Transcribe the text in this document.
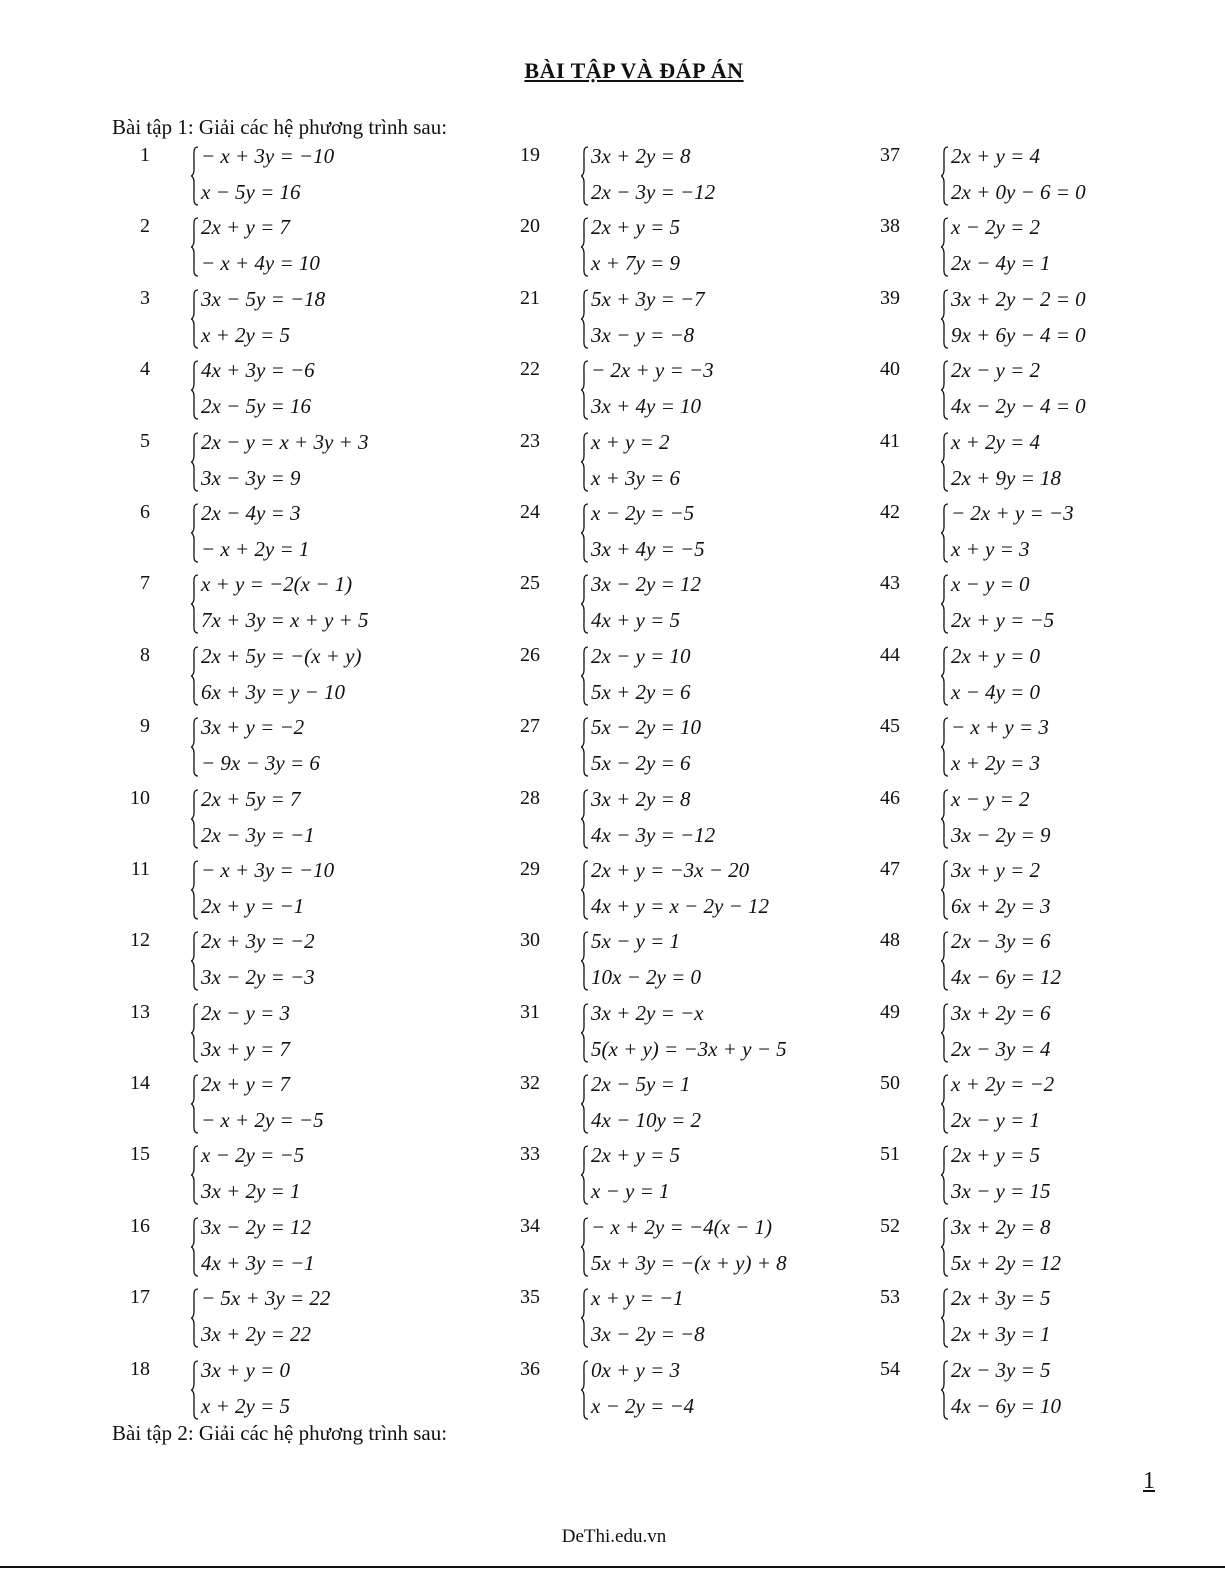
BÀI TẬP VÀ ĐÁP ÁN
Bài tập 1: Giải các hệ phương trình sau:
1 − x + 3y = −10
x − 5y = 16
2 2x + y = 7
− x + 4y = 10
3 3x − 5y = −18
x + 2y = 5
4 4x + 3y = −6
2x − 5y = 16
5 2x − y = x + 3y + 3
3x − 3y = 9
6 2x − 4y = 3
− x + 2y = 1
7 x + y = −2(x − 1)
7x + 3y = x + y + 5
8 2x + 5y = −(x + y)
6x + 3y = y − 10
9 3x + y = −2
− 9x − 3y = 6
10 2x + 5y = 7
2x − 3y = −1
11 − x + 3y = −10
2x + y = −1
12 2x + 3y = −2
3x − 2y = −3
13 2x − y = 3
3x + y = 7
14 2x + y = 7
− x + 2y = −5
15 x − 2y = −5
3x + 2y = 1
16 3x − 2y = 12
4x + 3y = −1
17 − 5x + 3y = 22
3x + 2y = 22
18 3x + y = 0
x + 2y = 5
19 3x + 2y = 8
2x − 3y = −12
20 2x + y = 5
x + 7y = 9
21 5x + 3y = −7
3x − y = −8
22 − 2x + y = −3
3x + 4y = 10
23 x + y = 2
x + 3y = 6
24 x − 2y = −5
3x + 4y = −5
25 3x − 2y = 12
4x + y = 5
26 2x − y = 10
5x + 2y = 6
27 5x − 2y = 10
5x − 2y = 6
28 3x + 2y = 8
4x − 3y = −12
29 2x + y = −3x − 20
4x + y = x − 2y − 12
30 5x − y = 1
10x − 2y = 0
31 3x + 2y = −x
5(x + y) = −3x + y − 5
32 2x − 5y = 1
4x − 10y = 2
33 2x + y = 5
x − y = 1
34 − x + 2y = −4(x − 1)
5x + 3y = −(x + y) + 8
35 x + y = −1
3x − 2y = −8
36 0x + y = 3
x − 2y = −4
37 2x + y = 4
2x + 0y − 6 = 0
38 x − 2y = 2
2x − 4y = 1
39 3x + 2y − 2 = 0
9x + 6y − 4 = 0
40 2x − y = 2
4x − 2y − 4 = 0
41 x + 2y = 4
2x + 9y = 18
42 − 2x + y = −3
x + y = 3
43 x − y = 0
2x + y = −5
44 2x + y = 0
x − 4y = 0
45 − x + y = 3
x + 2y = 3
46 x − y = 2
3x − 2y = 9
47 3x + y = 2
6x + 2y = 3
48 2x − 3y = 6
4x − 6y = 12
49 3x + 2y = 6
2x − 3y = 4
50 x + 2y = −2
2x − y = 1
51 2x + y = 5
3x − y = 15
52 3x + 2y = 8
5x + 2y = 12
53 2x + 3y = 5
2x + 3y = 1
54 2x − 3y = 5
4x − 6y = 10
Bài tập 2: Giải các hệ phương trình sau:
1
DeThi.edu.vn
